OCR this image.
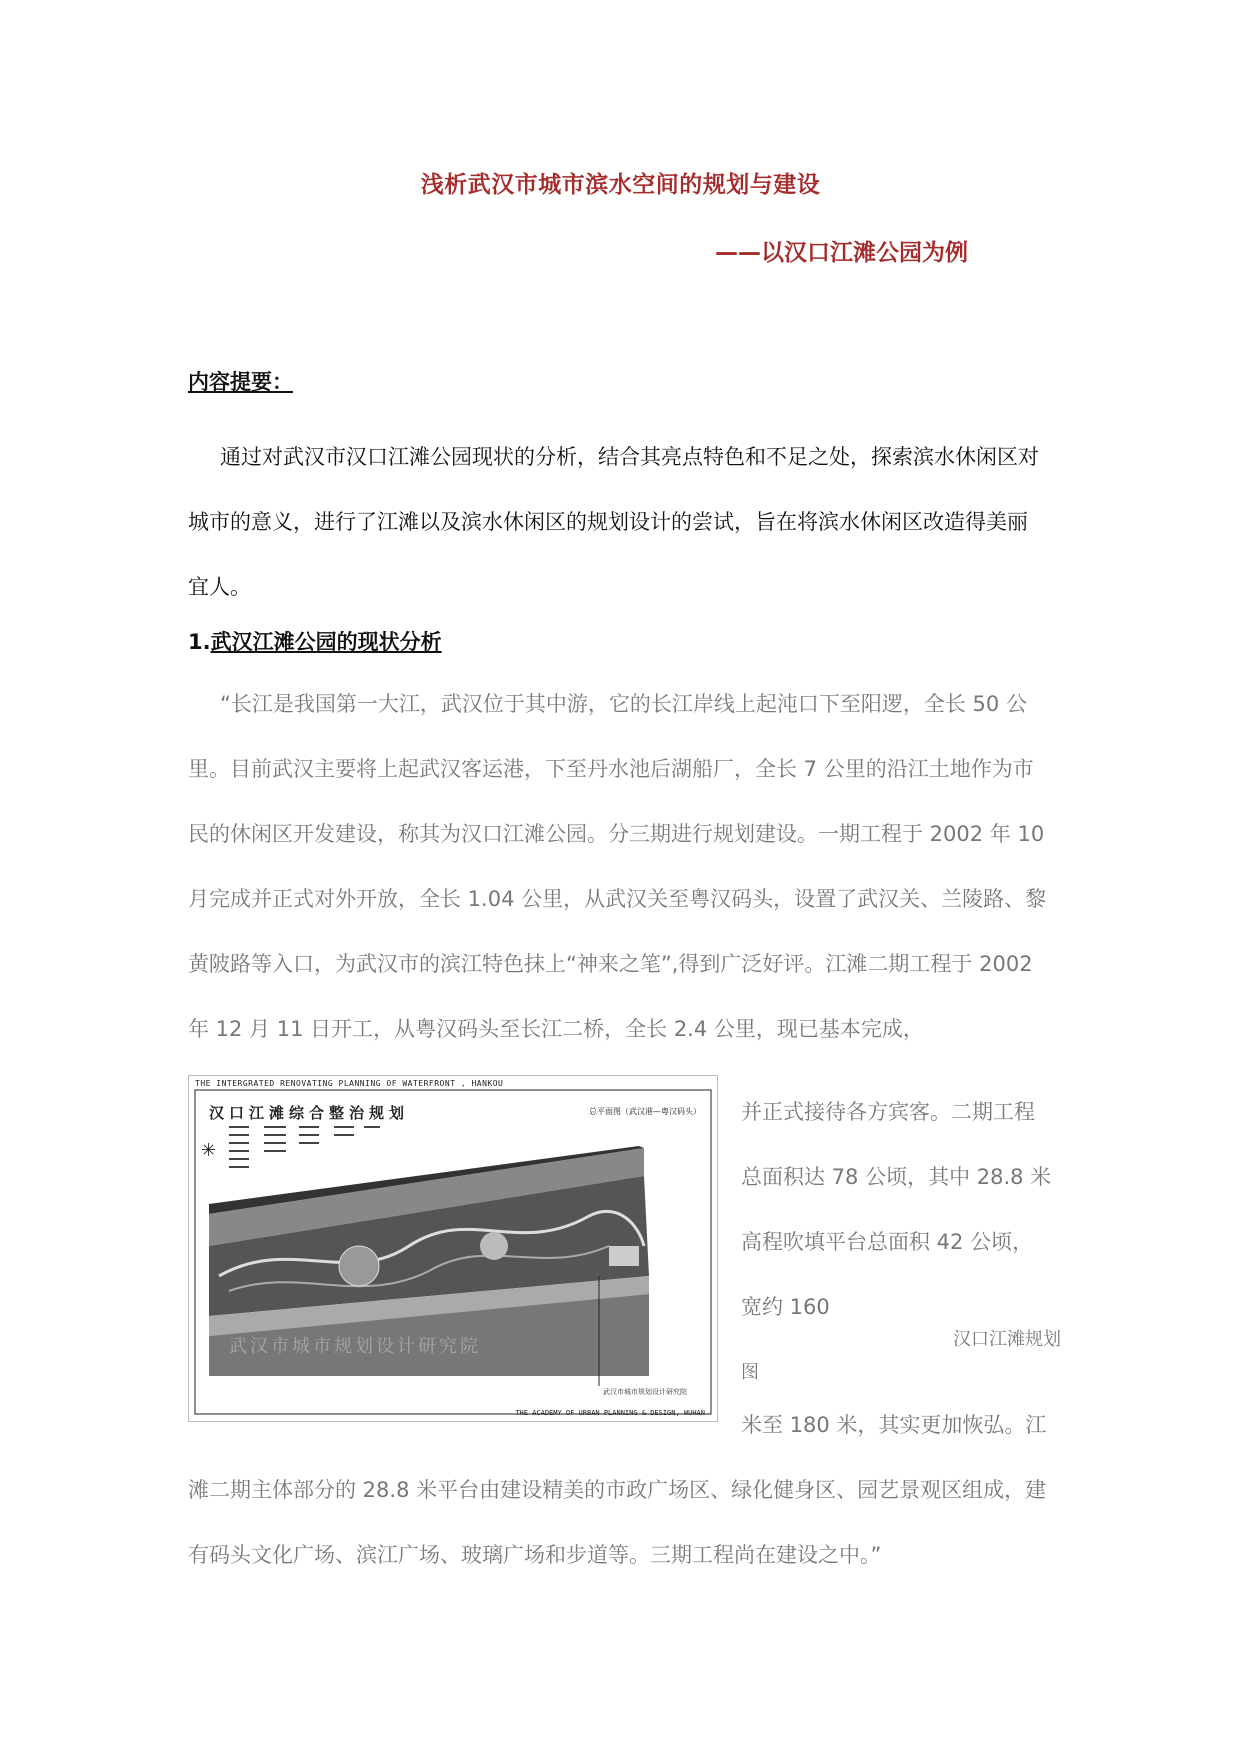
浅析武汉市城市滨水空间的规划与建设
——以汉口江滩公园为例
内容提要：

通过对武汉市汉口江滩公园现状的分析，结合其亮点特色和不足之处，探索滨水休闲区对城市的意义，进行了江滩以及滨水休闲区的规划设计的尝试，旨在将滨水休闲区改造得美丽宜人。

1.武汉江滩公园的现状分析

“长江是我国第一大江，武汉位于其中游，它的长江岸线上起沌口下至阳逻，全长 50 公里。目前武汉主要将上起武汉客运港，下至丹水池后湖船厂，全长 7 公里的沿江土地作为市民的休闲区开发建设，称其为汉口江滩公园。分三期进行规划建设。一期工程于 2002 年 10 月完成并正式对外开放，全长 1.04 公里，从武汉关至粤汉码头，设置了武汉关、兰陵路、黎黄陂路等入口，为武汉市的滨江特色抹上“神来之笔”,得到广泛好评。江滩二期工程于 2002 年 12 月 11 日开工，从粤汉码头至长江二桥，全长 2.4 公里，现已基本完成，

THE INTERGRATED RENOVATING PLANNING OF WATERFRONT , HANKOU
✳
汉口江滩综合整治规划	总平面图（武汉港—粤汉码头）
武汉市城市规划设计研究院
武汉市城市规划设计研究院
THE ACADEMY OF URBAN PLANNING & DESIGN, WUHAN

并正式接待各方宾客。二期工程

总面积达 78 公顷，其中 28.8 米

高程吹填平台总面积 42 公顷，

宽约 160

汉口江滩规划
图

米至 180 米，其实更加恢弘。江

滩二期主体部分的 28.8 米平台由建设精美的市政广场区、绿化健身区、园艺景观区组成，建有码头文化广场、滨江广场、玻璃广场和步道等。三期工程尚在建设之中。”
